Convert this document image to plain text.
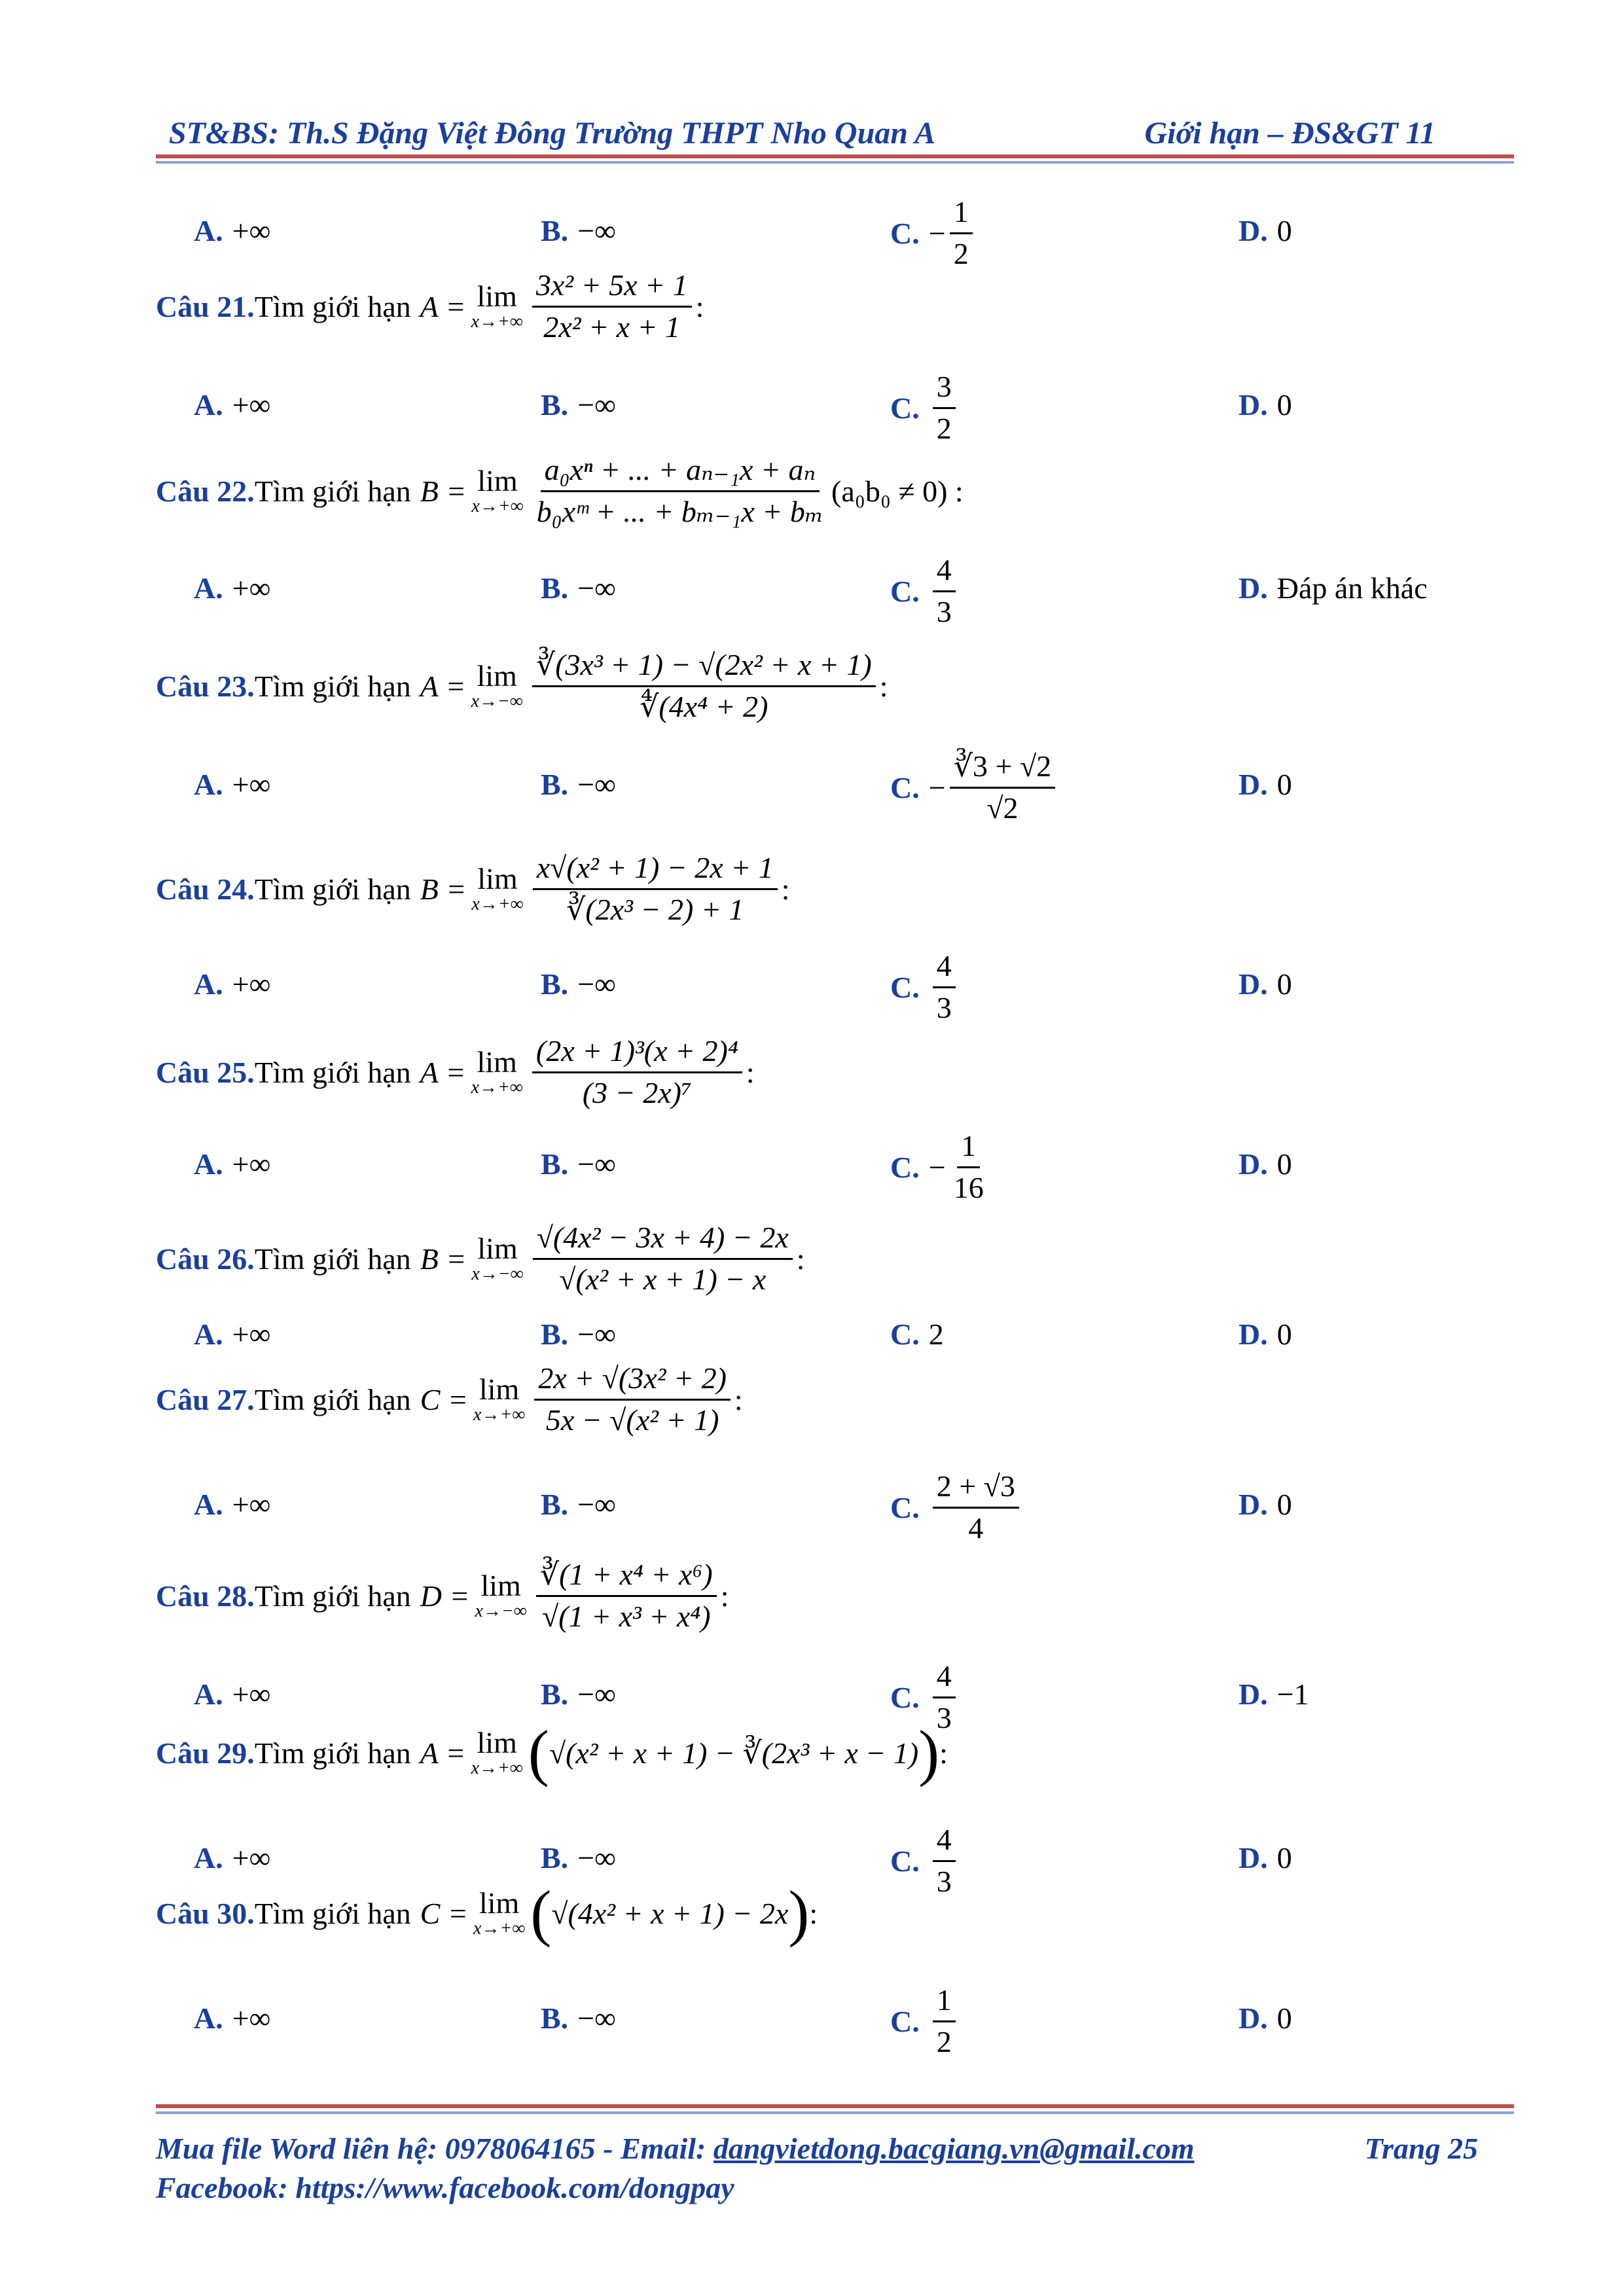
ST&BS: Th.S Đặng Việt Đông Trường THPT Nho Quan A	Giới hạn – ĐS&GT 11
A. +∞	B. −∞	C. − $\frac{1}{2}$	D. 0
Câu 21. Tìm giới hạn A = lim
$x\to+\infty \frac{\text{3x² + 5x + 1}}{\text{2x² + x + 1}}$ :
A. +∞	B. −∞	C. $\frac{3}{2}$	D. 0
Câu 22. Tìm giới hạn B = lim
$x\to+\infty \frac{\text{a₀xⁿ + ... + aₙ₋₁x + aₙ}}{\text{b₀xᵐ + ... + bₘ₋₁x + bₘ}} (a_0b_0 \ne 0)$ :
A. +∞	B. −∞	C. $\frac{4}{3}$	D. Đáp án khác
Câu 23. Tìm giới hạn A = lim
$x\to-\infty \frac{\text{∛(3x³ + 1) − √(2x² + x + 1)}}{\text{∜(4x⁴ + 2)}}$ :
A. +∞	B. −∞	C. − $\frac{∛3 + √2}{√2}$	D. 0
Câu 24. Tìm giới hạn B = lim
$x\to+\infty \frac{\text{x√(x² + 1) − 2x + 1}}{\text{∛(2x³ − 2) + 1}}$ :
A. +∞	B. −∞	C. $\frac{4}{3}$	D. 0
Câu 25. Tìm giới hạn A = lim
$x\to+\infty \frac{\text{(2x + 1)³(x + 2)⁴}}{\text{(3 − 2x)⁷}}$ :
A. +∞	B. −∞	C. − $\frac{1}{16}$	D. 0
Câu 26. Tìm giới hạn B = lim
$x\to-\infty \frac{\text{√(4x² − 3x + 4) − 2x}}{\text{√(x² + x + 1) − x}}$ :
A. +∞	B. −∞	C. 2	D. 0
Câu 27. Tìm giới hạn C = lim
$x\to+\infty \frac{\text{2x + √(3x² + 2)}}{\text{5x − √(x² + 1)}}$ :
A. +∞	B. −∞	C. $\frac{2 + √3}{4}$	D. 0
Câu 28. Tìm giới hạn D = lim
$x\to-\infty \frac{\text{∛(1 + x⁴ + x⁶)}}{\text{√(1 + x³ + x⁴)}}$ :
A. +∞	B. −∞	C. $\frac{4}{3}$	D. −1
Câu 29. Tìm giới hạn A = lim
x→+∞ ( √(x² + x + 1) − ∛(2x³ + x − 1) ) :
A. +∞	B. −∞	C. $\frac{4}{3}$	D. 0
Câu 30. Tìm giới hạn C = lim
x→+∞ ( √(4x² + x + 1) − 2x ) :
A. +∞	B. −∞	C. $\frac{1}{2}$	D. 0
Mua file Word liên hệ: 0978064165 - Email: dangvietdong.bacgiang.vn@gmail.com	Trang 25
Facebook: https://www.facebook.com/dongpay
